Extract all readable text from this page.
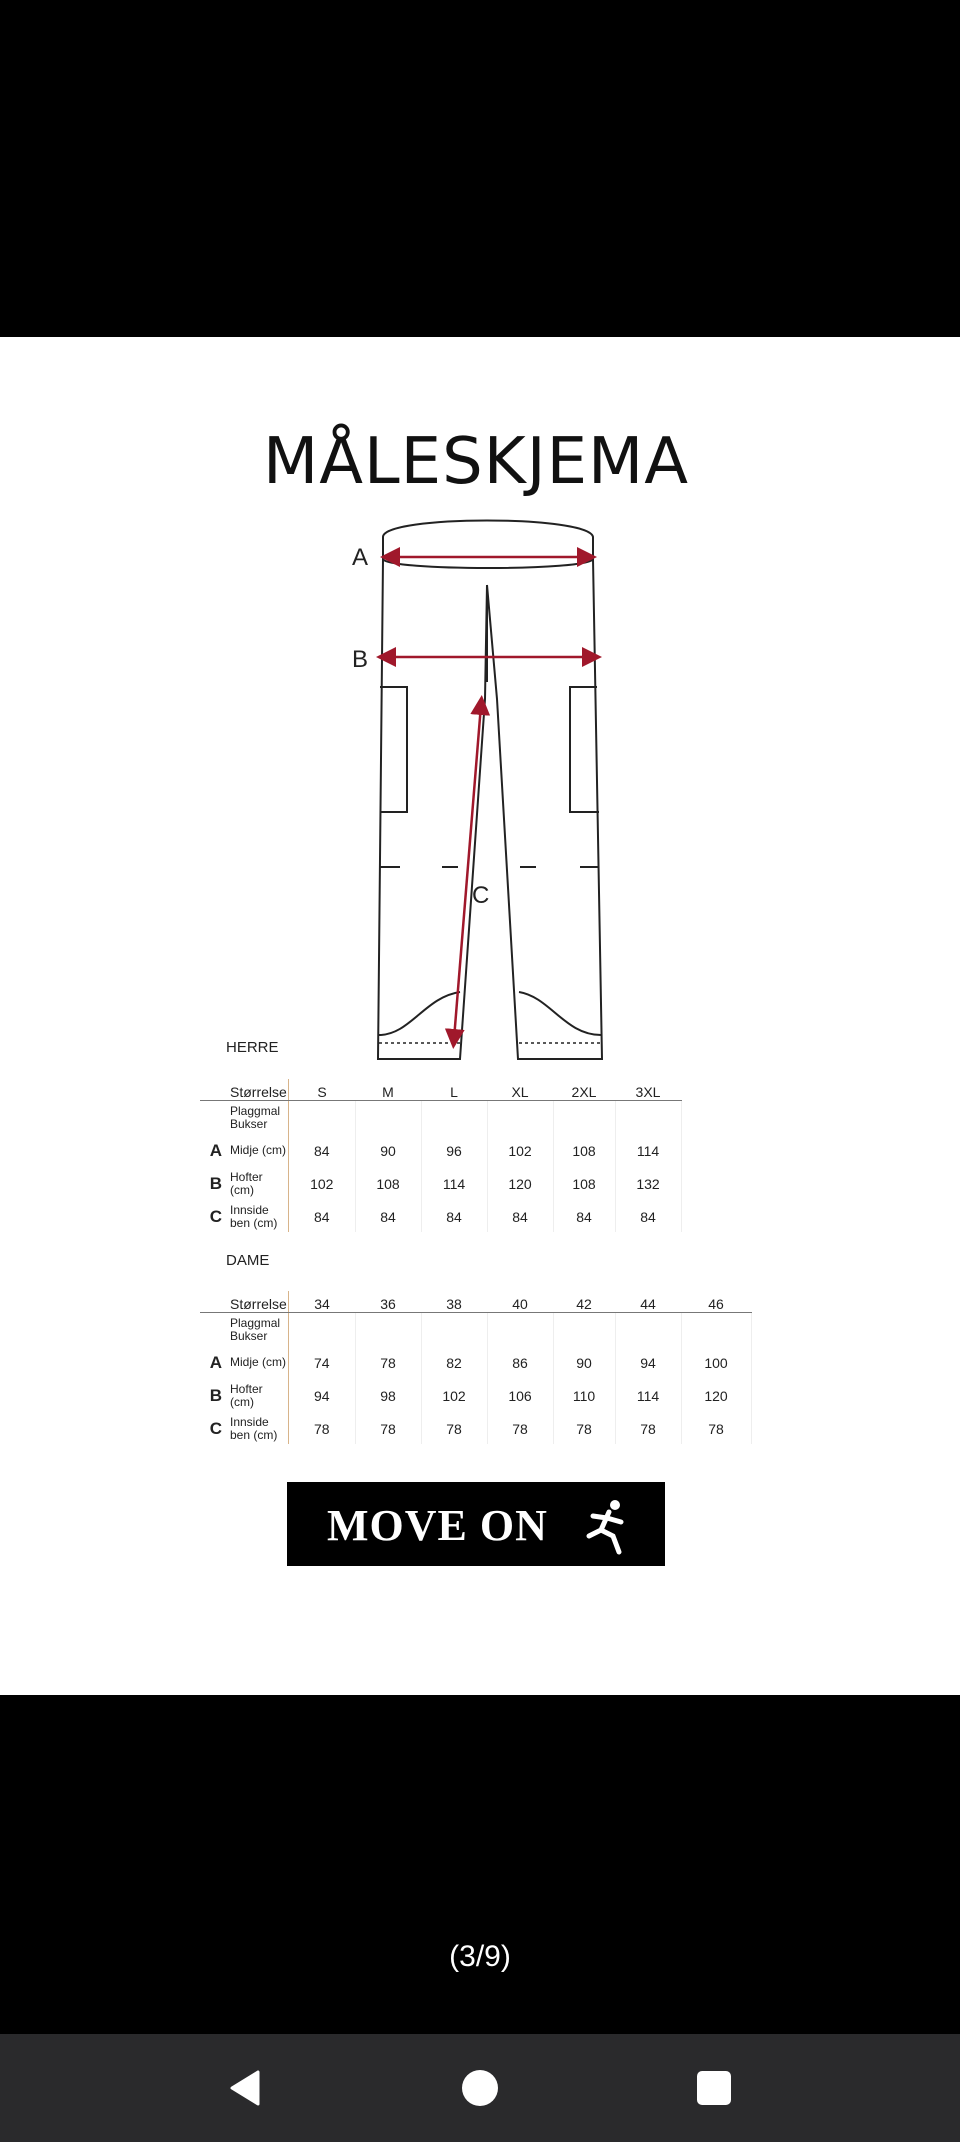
MÅLESKJEMA
A
B
C
HERRE
	Størrelse	S	M	L	XL	2XL	3XL
	Plaggmal Bukser						
A	Midje (cm)	84	90	96	102	108	114
B	Hofter (cm)	102	108	114	120	108	132
C	Innside ben (cm)	84	84	84	84	84	84
DAME
	Størrelse	34	36	38	40	42	44	46
	Plaggmal Bukser							
A	Midje (cm)	74	78	82	86	90	94	100
B	Hofter (cm)	94	98	102	106	110	114	120
C	Innside ben (cm)	78	78	78	78	78	78	78
MOVE ON
(3/9)
